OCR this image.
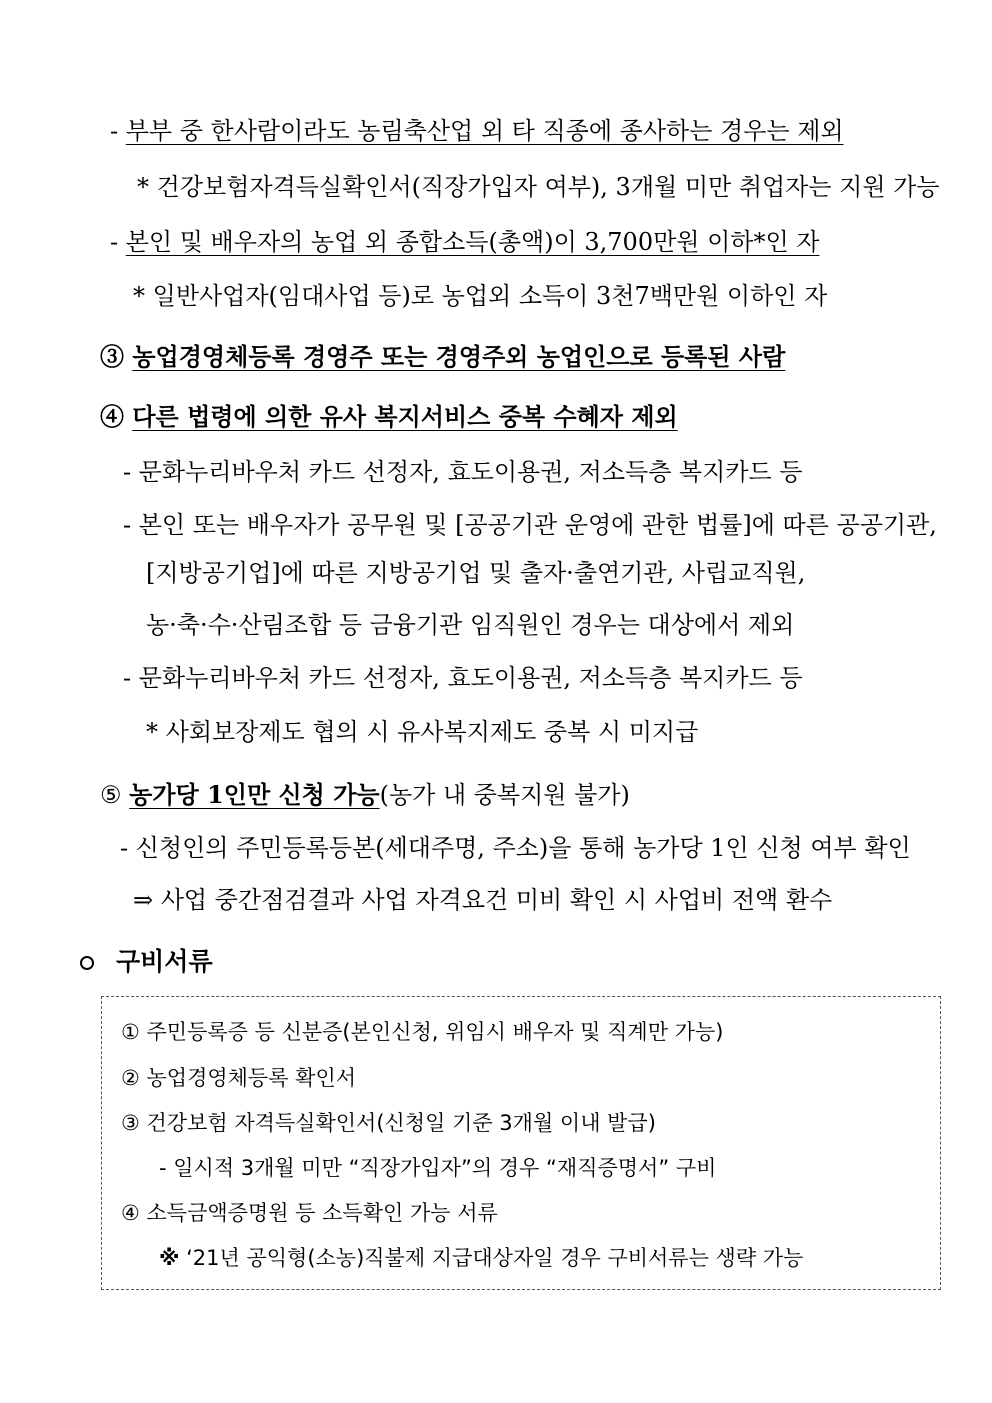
- 부부 중 한사람이라도 농림축산업 외 타 직종에 종사하는 경우는 제외
* 건강보험자격득실확인서(직장가입자 여부), 3개월 미만 취업자는 지원 가능
- 본인 및 배우자의 농업 외 종합소득(총액)이 3,700만원 이하*인 자
* 일반사업자(임대사업 등)로 농업외 소득이 3천7백만원 이하인 자
③ 농업경영체등록 경영주 또는 경영주외 농업인으로 등록된 사람
④ 다른 법령에 의한 유사 복지서비스 중복 수혜자 제외
- 문화누리바우처 카드 선정자, 효도이용권, 저소득층 복지카드 등
- 본인 또는 배우자가 공무원 및 [공공기관 운영에 관한 법률]에 따른 공공기관,
[지방공기업]에 따른 지방공기업 및 출자·출연기관, 사립교직원,
농·축·수·산림조합 등 금융기관 임직원인 경우는 대상에서 제외
- 문화누리바우처 카드 선정자, 효도이용권, 저소득층 복지카드 등
* 사회보장제도 협의 시 유사복지제도 중복 시 미지급
⑤ 농가당 1인만 신청 가능(농가 내 중복지원 불가)
- 신청인의 주민등록등본(세대주명, 주소)을 통해 농가당 1인 신청 여부 확인
⇒ 사업 중간점검결과 사업 자격요건 미비 확인 시 사업비 전액 환수
구비서류
① 주민등록증 등 신분증(본인신청, 위임시 배우자 및 직계만 가능)
② 농업경영체등록 확인서
③ 건강보험 자격득실확인서(신청일 기준 3개월 이내 발급)
- 일시적 3개월 미만 “직장가입자”의 경우 “재직증명서” 구비
④ 소득금액증명원 등 소득확인 가능 서류
※ ‘21년 공익형(소농)직불제 지급대상자일 경우 구비서류는 생략 가능
